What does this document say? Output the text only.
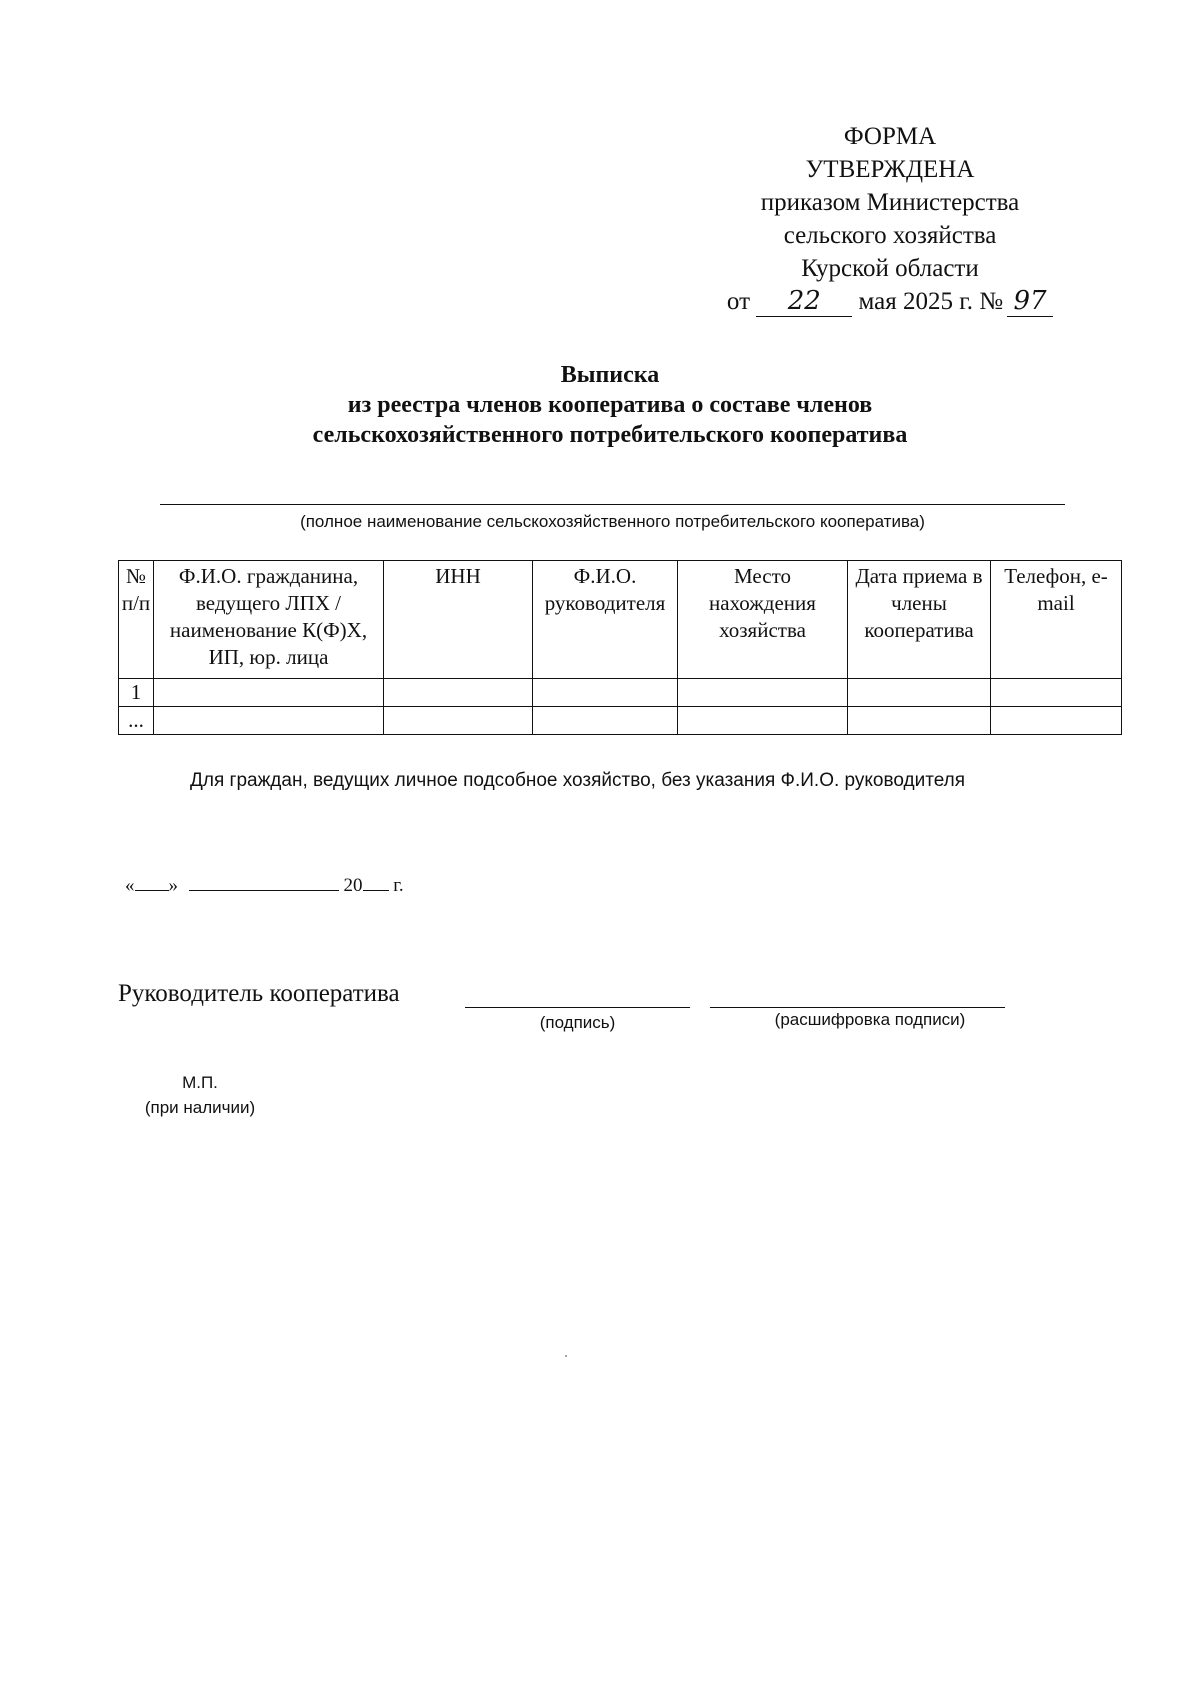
ФОРМА
УТВЕРЖДЕНА
приказом Министерства
сельского хозяйства
Курской области
от 22 мая 2025 г. № 97
Выписка
из реестра членов кооператива о составе членов
сельскохозяйственного потребительского кооператива
(полное наименование сельскохозяйственного потребительского кооператива)
№ п/п	Ф.И.О. гражданина, ведущего ЛПХ / наименование К(Ф)Х, ИП, юр. лица	ИНН	Ф.И.О. руководителя	Место нахождения хозяйства	Дата приема в члены кооператива	Телефон, e-mail
1						
...						
Для граждан, ведущих личное подсобное хозяйство, без указания Ф.И.О. руководителя
« »	20 г.
Руководитель кооператива
(подпись)	(расшифровка подписи)
М.П.
(при наличии)
